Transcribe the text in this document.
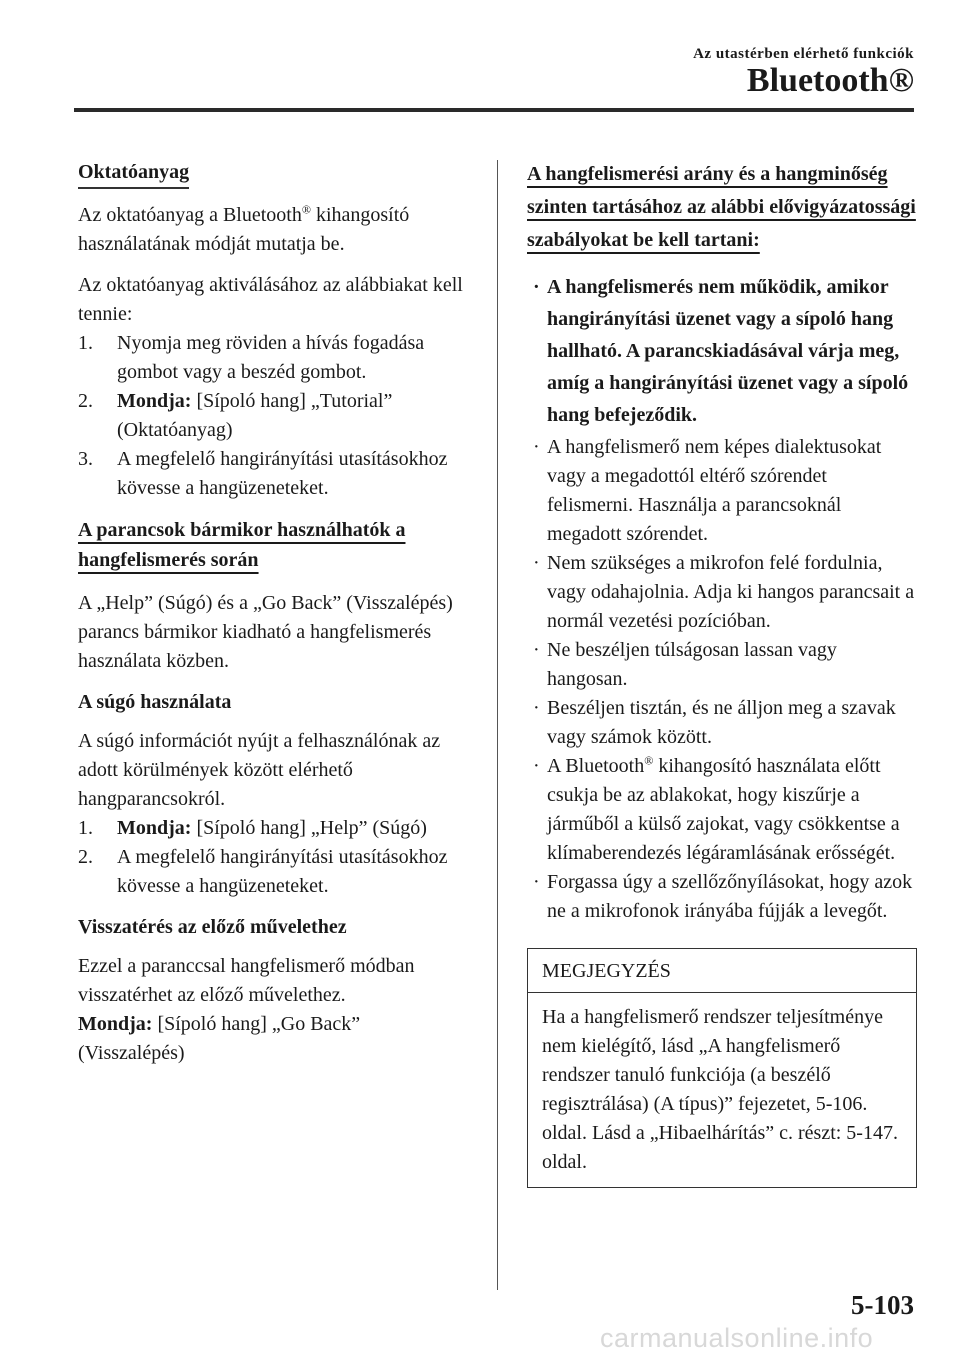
Az utastérben elérhető funkciók
Bluetooth®
Oktatóanyag

Az oktatóanyag a Bluetooth® kihangosító használatának módját mutatja be.

Az oktatóanyag aktiválásához az alábbiakat kell tennie:
1. Nyomja meg röviden a hívás fogadása gombot vagy a beszéd gombot.
2. Mondja: [Sípoló hang] „Tutorial” (Oktatóanyag)
3. A megfelelő hangirányítási utasításokhoz kövesse a hangüzeneteket.
A parancsok bármikor használhatók a hangfelismerés során

A „Help” (Súgó) és a „Go Back” (Visszalépés) parancs bármikor kiadható a hangfelismerés használata közben.

A súgó használata
A súgó információt nyújt a felhasználónak az adott körülmények között elérhető hangparancsokról.
1. Mondja: [Sípoló hang] „Help” (Súgó)
2. A megfelelő hangirányítási utasításokhoz kövesse a hangüzeneteket.
Visszatérés az előző művelethez
Ezzel a paranccsal hangfelismerő módban visszatérhet az előző művelethez.
Mondja: [Sípoló hang] „Go Back” (Visszalépés)
A hangfelismerési arány és a hangminőség szinten tartásához az alábbi elővigyázatossági szabályokat be kell tartani:
· A hangfelismerés nem működik, amikor hangirányítási üzenet vagy a sípoló hang hallható. A parancskiadásával várja meg, amíg a hangirányítási üzenet vagy a sípoló hang befejeződik.
· A hangfelismerő nem képes dialektusokat vagy a megadottól eltérő szórendet felismerni. Használja a parancsoknál megadott szórendet.
· Nem szükséges a mikrofon felé fordulnia, vagy odahajolnia. Adja ki hangos parancsait a normál vezetési pozícióban.
· Ne beszéljen túlságosan lassan vagy hangosan.
· Beszéljen tisztán, és ne álljon meg a szavak vagy számok között.
· A Bluetooth® kihangosító használata előtt csukja be az ablakokat, hogy kiszűrje a járműből a külső zajokat, vagy csökkentse a klímaberendezés légáramlásának erősségét.
· Forgassa úgy a szellőzőnyílásokat, hogy azok ne a mikrofonok irányába fújják a levegőt.
MEGJEGYZÉS
Ha a hangfelismerő rendszer teljesítménye nem kielégítő, lásd „A hangfelismerő rendszer tanuló funkciója (a beszélő regisztrálása) (A típus)” fejezetet, 5-106. oldal. Lásd a „Hibaelhárítás” c. részt: 5-147. oldal.
5-103
carmanualsonline.info
